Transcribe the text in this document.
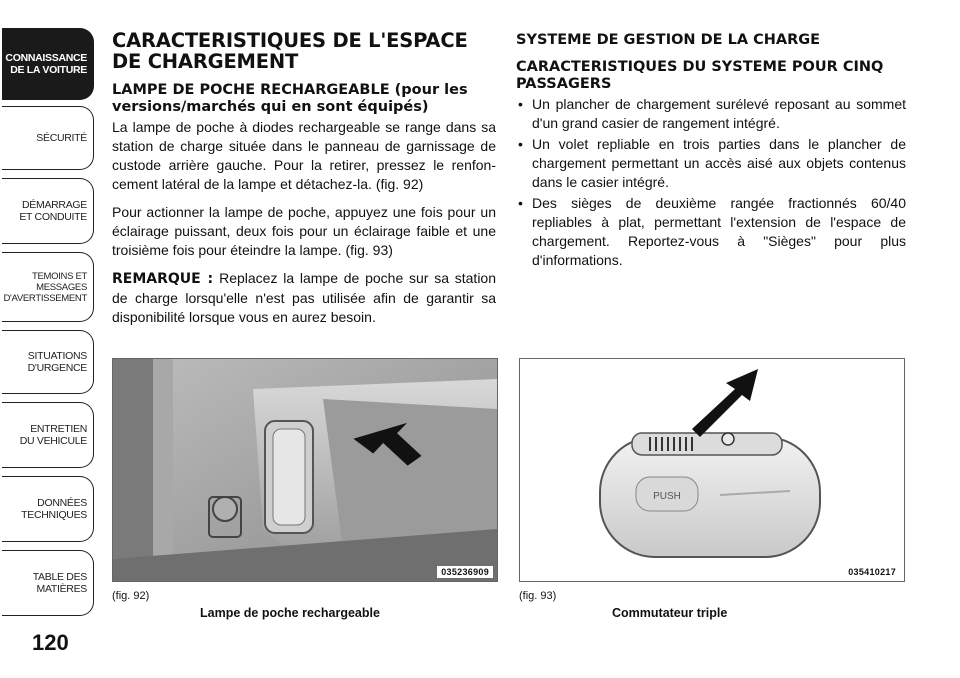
CONNAISSANCE
DE LA VOITURE
SÉCURITÉ
DÉMARRAGE
ET CONDUITE
TEMOINS ET
MESSAGES
D'AVERTISSEMENT
SITUATIONS
D'URGENCE
ENTRETIEN
DU VEHICULE
DONNÉES
TECHNIQUES
TABLE DES
MATIÈRES
120
CARACTERISTIQUES DE L'ESPACE DE CHARGEMENT
LAMPE DE POCHE RECHARGEABLE (pour les versions/marchés qui en sont équipés)

La lampe de poche à diodes rechargeable se range dans sa station de charge située dans le panneau de garnissage de custode arrière gauche. Pour la retirer, pressez le renfoncement latéral de la lampe et détachez-la. (fig. 92)

Pour actionner la lampe de poche, appuyez une fois pour un éclairage puissant, deux fois pour un éclairage faible et une troisième fois pour éteindre la lampe. (fig. 93)

REMARQUE : Replacez la lampe de poche sur sa station de charge lorsqu'elle n'est pas utilisée afin de garantir sa disponibilité lorsque vous en aurez besoin.

SYSTEME DE GESTION DE LA CHARGE
CARACTERISTIQUES DU SYSTEME POUR CINQ PASSAGERS
• Un plancher de chargement surélevé reposant au sommet d'un grand casier de rangement intégré.
• Un volet repliable en trois parties dans le plancher de chargement permettant un accès aisé aux objets contenus dans le casier intégré.
• Des sièges de deuxième rangée fractionnés 60/40 repliables à plat, permettant l'extension de l'espace de chargement. Reportez-vous à "Sièges" pour plus d'informations.
035236909
(fig. 92)
Lampe de poche rechargeable
PUSH
035410217
(fig. 93)
Commutateur triple
